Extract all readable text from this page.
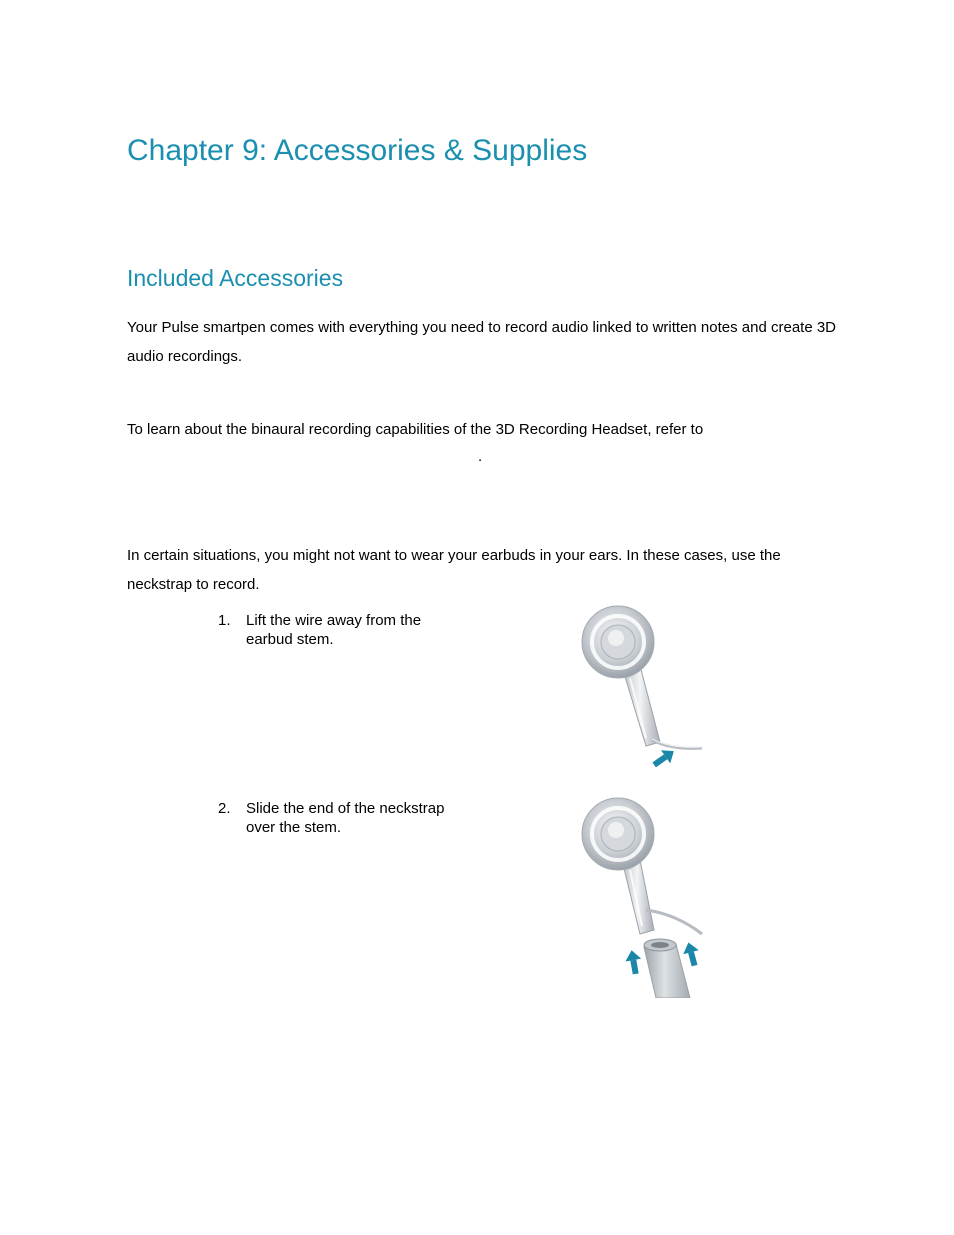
Chapter 9: Accessories & Supplies
Included Accessories

Your Pulse smartpen comes with everything you need to record audio linked to written notes and create 3D audio recordings.

To learn about the binaural recording capabilities of the 3D Recording Headset, refer to

.

In certain situations, you might not want to wear your earbuds in your ears. In these cases, use the neckstrap to record.

1. Lift the wire away from the earbud stem.
2. Slide the end of the neckstrap over the stem.
